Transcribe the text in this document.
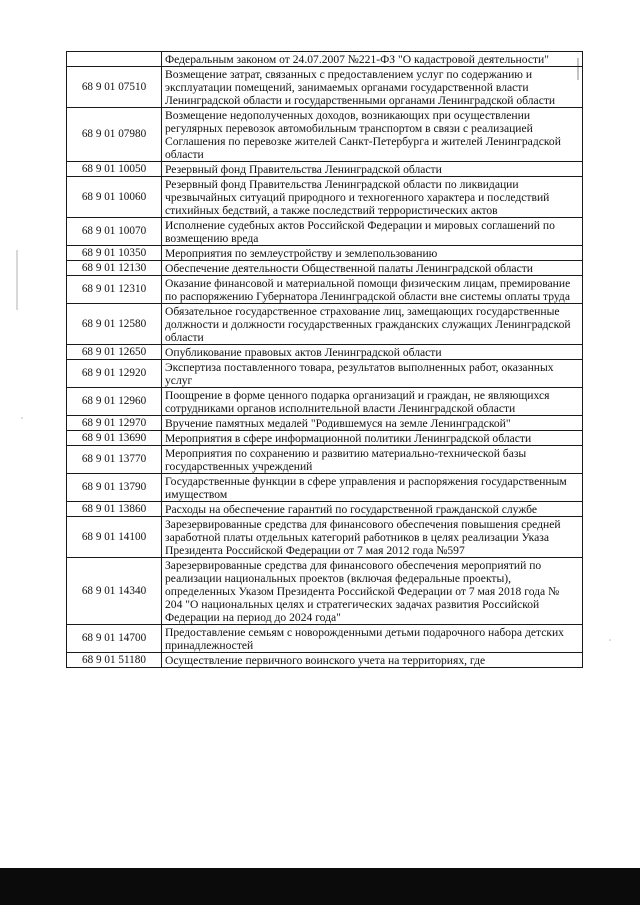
	Федеральным законом от 24.07.2007 №221-ФЗ "О кадастровой деятельности"
68 9 01 07510	Возмещение затрат, связанных с предоставлением услуг по содержанию и эксплуатации помещений, занимаемых органами государственной власти Ленинградской области и государственными органами Ленинградской области
68 9 01 07980	Возмещение недополученных доходов, возникающих при осуществлении регулярных перевозок автомобильным транспортом в связи с реализацией Соглашения по перевозке жителей Санкт-Петербурга и жителей Ленинградской области
68 9 01 10050	Резервный фонд Правительства Ленинградской области
68 9 01 10060	Резервный фонд Правительства Ленинградской области по ликвидации чрезвычайных ситуаций природного и техногенного характера и последствий стихийных бедствий, а также последствий террористических актов
68 9 01 10070	Исполнение судебных актов Российской Федерации и мировых соглашений по возмещению вреда
68 9 01 10350	Мероприятия по землеустройству и землепользованию
68 9 01 12130	Обеспечение деятельности Общественной палаты Ленинградской области
68 9 01 12310	Оказание финансовой и материальной помощи физическим лицам, премирование по распоряжению Губернатора Ленинградской области вне системы оплаты труда
68 9 01 12580	Обязательное государственное страхование лиц, замещающих государственные должности и должности государственных гражданских служащих Ленинградской области
68 9 01 12650	Опубликование правовых актов Ленинградской области
68 9 01 12920	Экспертиза поставленного товара, результатов выполненных работ, оказанных услуг
68 9 01 12960	Поощрение в форме ценного подарка организаций и граждан, не являющихся сотрудниками органов исполнительной власти Ленинградской области
68 9 01 12970	Вручение памятных медалей "Родившемуся на земле Ленинградской"
68 9 01 13690	Мероприятия в сфере информационной политики Ленинградской области
68 9 01 13770	Мероприятия по сохранению и развитию материально-технической базы государственных учреждений
68 9 01 13790	Государственные функции в сфере управления и распоряжения государственным имуществом
68 9 01 13860	Расходы на обеспечение гарантий по государственной гражданской службе
68 9 01 14100	Зарезервированные средства для финансового обеспечения повышения средней заработной платы отдельных категорий работников в целях реализации Указа Президента Российской Федерации от 7 мая 2012 года №597
68 9 01 14340	Зарезервированные средства для финансового обеспечения мероприятий по реализации национальных проектов (включая федеральные проекты), определенных Указом Президента Российской Федерации от 7 мая 2018 года № 204 "О национальных целях и стратегических задачах развития Российской Федерации на период до 2024 года"
68 9 01 14700	Предоставление семьям с новорожденными детьми подарочного набора детских принадлежностей
68 9 01 51180	Осуществление первичного воинского учета на территориях, где
